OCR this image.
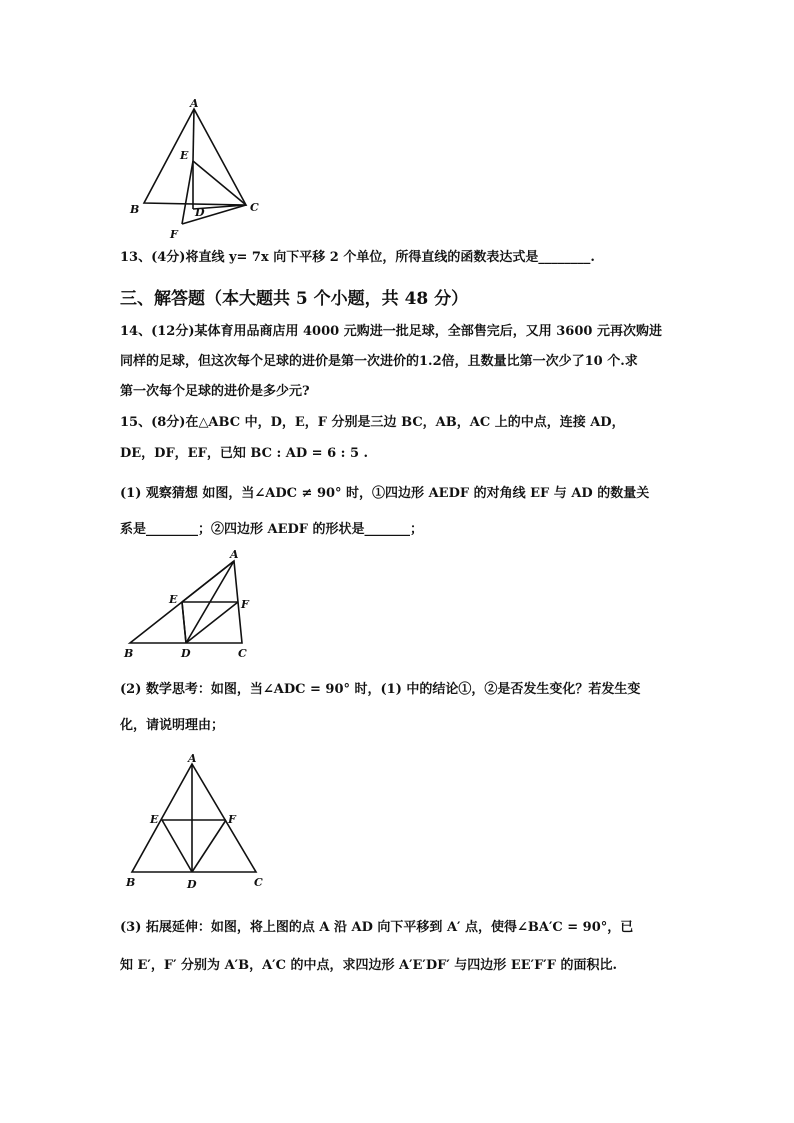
A
B	C
D
E
F
13、(4分)将直线 y= 7x 向下平移 2 个单位，所得直线的函数表达式是________.
三、解答题（本大题共 5 个小题，共 48 分）
14、(12分)某体育用品商店用 4000 元购进一批足球，全部售完后，又用 3600 元再次购进
同样的足球，但这次每个足球的进价是第一次进价的1.2倍，且数量比第一次少了10 个.求
第一次每个足球的进价是多少元?
15、(8分)在△ABC 中，D，E，F 分别是三边 BC，AB，AC 上的中点，连接 AD，
DE，DF，EF，已知 BC : AD = 6 : 5 .
(1) 观察猜想 如图，当∠ADC ≠ 90° 时，①四边形 AEDF 的对角线 EF 与 AD 的数量关
系是________；②四边形 AEDF 的形状是_______；
A
B	C
D
E	F
(2) 数学思考：如图，当∠ADC = 90° 时，(1) 中的结论①，②是否发生变化？若发生变
化，请说明理由；
A
B	C
D
E	F
(3) 拓展延伸：如图，将上图的点 A 沿 AD 向下平移到 A′ 点，使得∠BA′C = 90°，已
知 E′，F′ 分别为 A′B，A′C 的中点，求四边形 A′E′DF′ 与四边形 EE′F′F 的面积比.
